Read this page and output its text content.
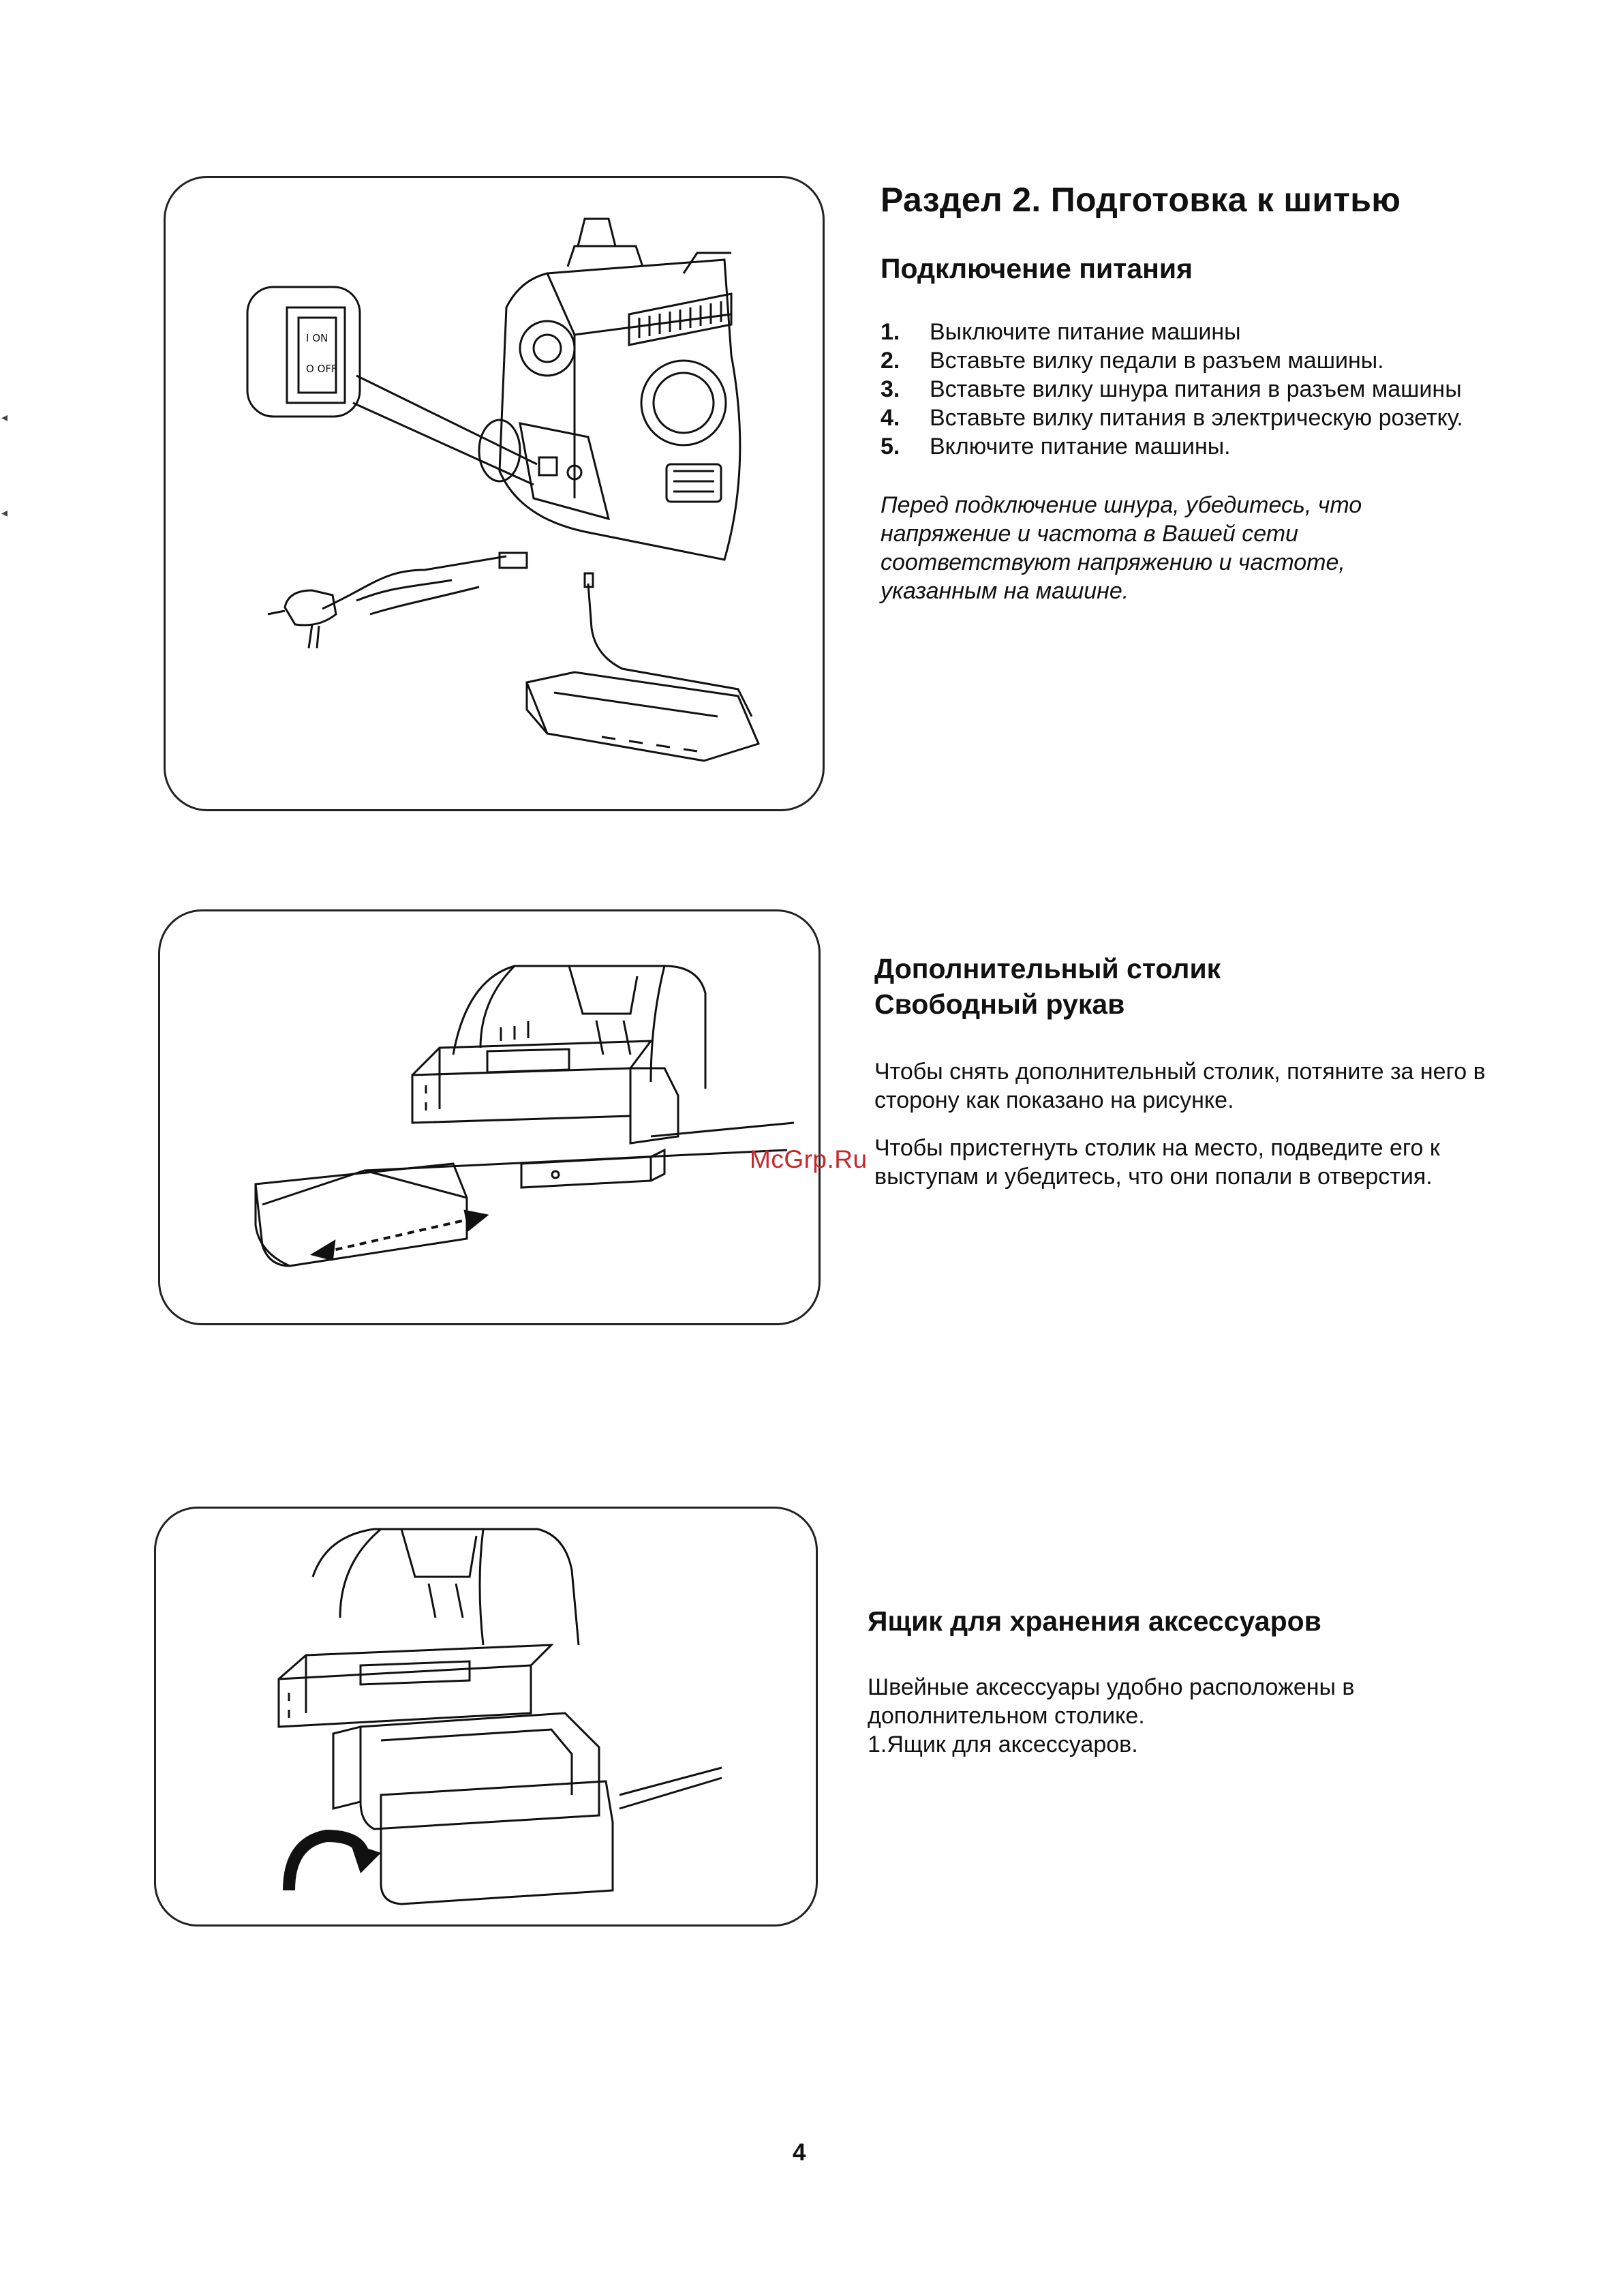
◂
◂
I ON
O OFF
Раздел 2. Подготовка к шитью
Подключение питания
1. Выключите питание машины
2. Вставьте вилку педали в разъем машины.
3. Вставьте вилку шнура питания в разъем машины
4. Вставьте вилку питания в электрическую розетку.
5. Включите питание машины.

Перед подключение шнура, убедитесь, что напряжение и частота в Вашей сети соответствуют напряжению и частоте, указанным на машине.

Дополнительный столик
Свободный рукав

Чтобы снять дополнительный столик, потяните за него в сторону как показано на рисунке.

Чтобы пристегнуть столик на место, подведите его к выступам и убедитесь, что они попали в отверстия.

Ящик для хранения аксессуаров

Швейные аксессуары удобно расположены в дополнительном столике.

1.Ящик для аксессуаров.

McGrp.Ru
4
